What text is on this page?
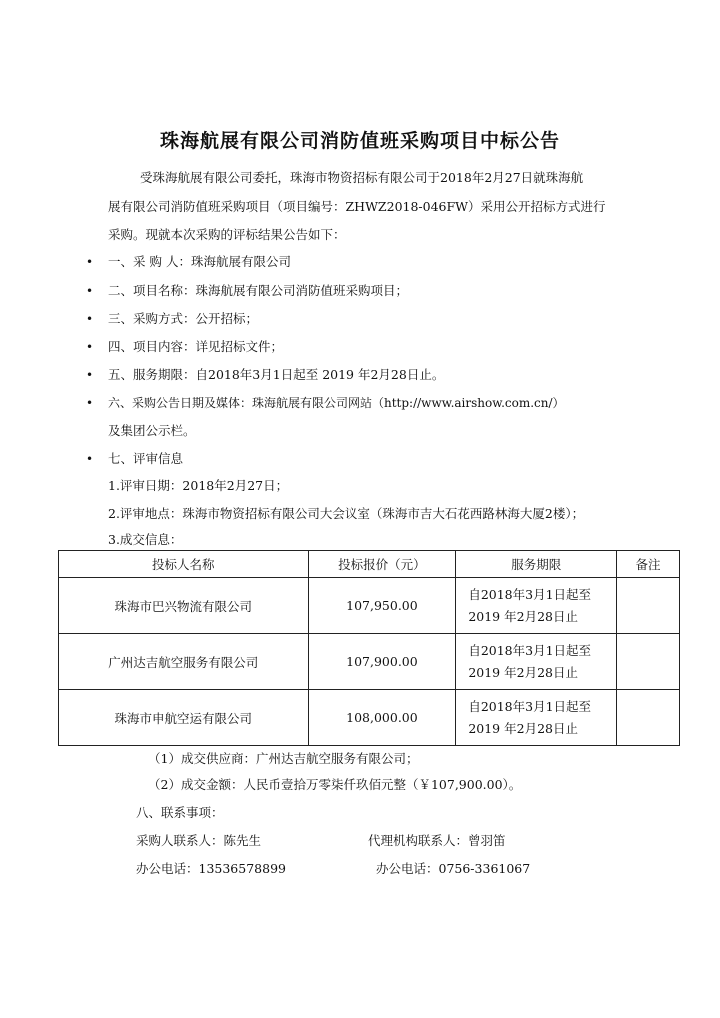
珠海航展有限公司消防值班采购项目中标公告
受珠海航展有限公司委托，珠海市物资招标有限公司于2018年2月27日就珠海航
展有限公司消防值班采购项目（项目编号：ZHWZ2018-046FW）采用公开招标方式进行
采购。现就本次采购的评标结果公告如下：
• 一、采 购 人：珠海航展有限公司
• 二、项目名称：珠海航展有限公司消防值班采购项目；
• 三、采购方式：公开招标；
• 四、项目内容：详见招标文件；
• 五、服务期限：自2018年3月1日起至 2019 年2月28日止。
• 六、采购公告日期及媒体：珠海航展有限公司网站（http://www.airshow.com.cn/）
及集团公示栏。
• 七、评审信息
1.评审日期：2018年2月27日；
2.评审地点：珠海市物资招标有限公司大会议室（珠海市吉大石花西路林海大厦2楼）；
3.成交信息：
投标人名称	投标报价（元）	服务期限	备注
珠海市巴兴物流有限公司	107,950.00	自2018年3月1日起至
2019 年2月28日止	

广州达吉航空服务有限公司	107,900.00	自2018年3月1日起至
2019 年2月28日止	

珠海市申航空运有限公司	108,000.00	自2018年3月1日起至
2019 年2月28日止	

（1）成交供应商：广州达吉航空服务有限公司；
（2）成交金额：人民币壹拾万零柒仟玖佰元整（￥107,900.00）。
八、联系事项：
采购人联系人：陈先生	代理机构联系人：曾羽笛
办公电话：13536578899	办公电话：0756-3361067
